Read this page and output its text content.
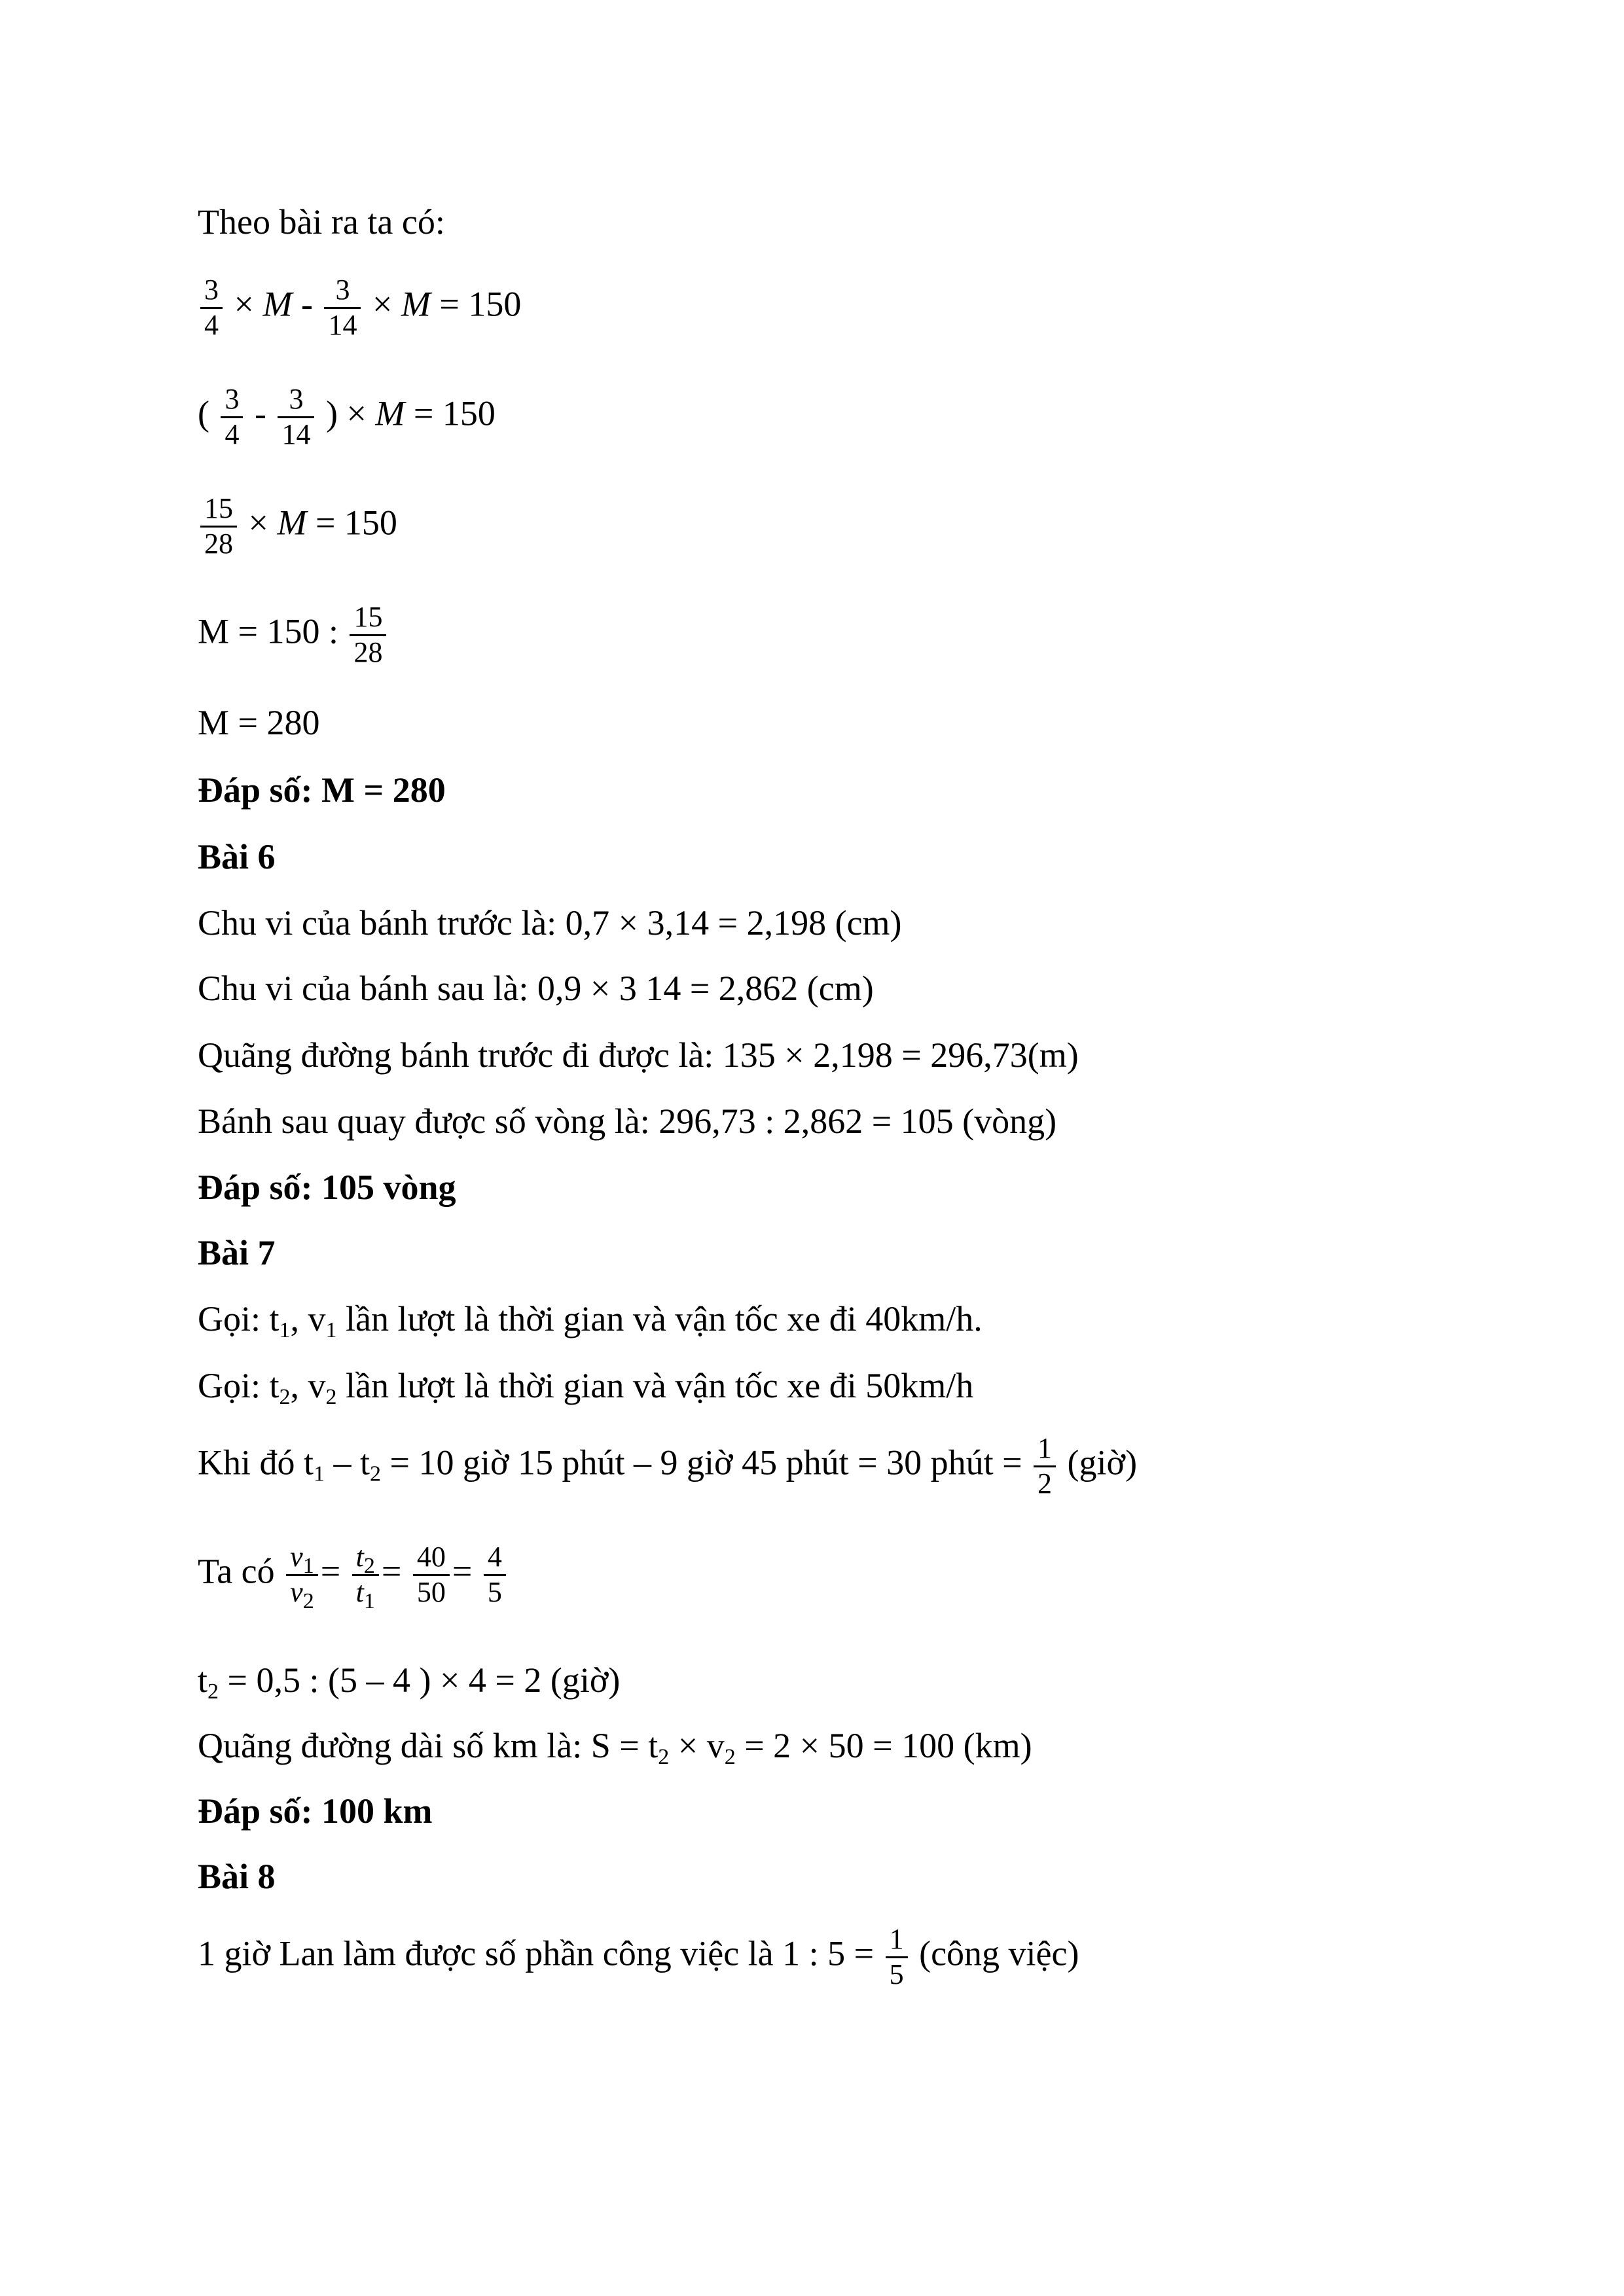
Theo bài ra ta có:
$\frac{3}{4} \times M - \frac{3}{14} \times M = 150$
( $\frac{3}{4} - \frac{3}{14}$ ) × M = 150
$\frac{15}{28} \times M = 150$
M = 150 : $\frac{15}{28}$
M = 280
Đáp số: M = 280
Bài 6
Chu vi của bánh trước là: 0,7 × 3,14 = 2,198 (cm)
Chu vi của bánh sau là: 0,9 × 3 14 = 2,862 (cm)
Quãng đường bánh trước đi được là: 135 × 2,198 = 296,73(m)
Bánh sau quay được số vòng là: 296,73 : 2,862 = 105 (vòng)
Đáp số: 105 vòng
Bài 7
Gọi: $t_1$, $v_1$ lần lượt là thời gian và vận tốc xe đi 40km/h.
Gọi: $t_2$, $v_2$ lần lượt là thời gian và vận tốc xe đi 50km/h
Khi đó $t_1 - t_2 = 10$ giờ 15 phút – 9 giờ 45 phút = 30 phút = $\frac{1}{2}$ (giờ)
Ta có $\frac{v_1}{v_2} = \frac{t_2}{t_1} = \frac{40}{50} = \frac{4}{5}$
$t_2 = 0,5$ : (5 – 4 ) × 4 = 2 (giờ)
Quãng đường dài số km là: $S = t_2 \times v_2 = 2 \times 50 = 100$ (km)
Đáp số: 100 km
Bài 8
1 giờ Lan làm được số phần công việc là 1 : $5 = \frac{1}{5}$ (công việc)
